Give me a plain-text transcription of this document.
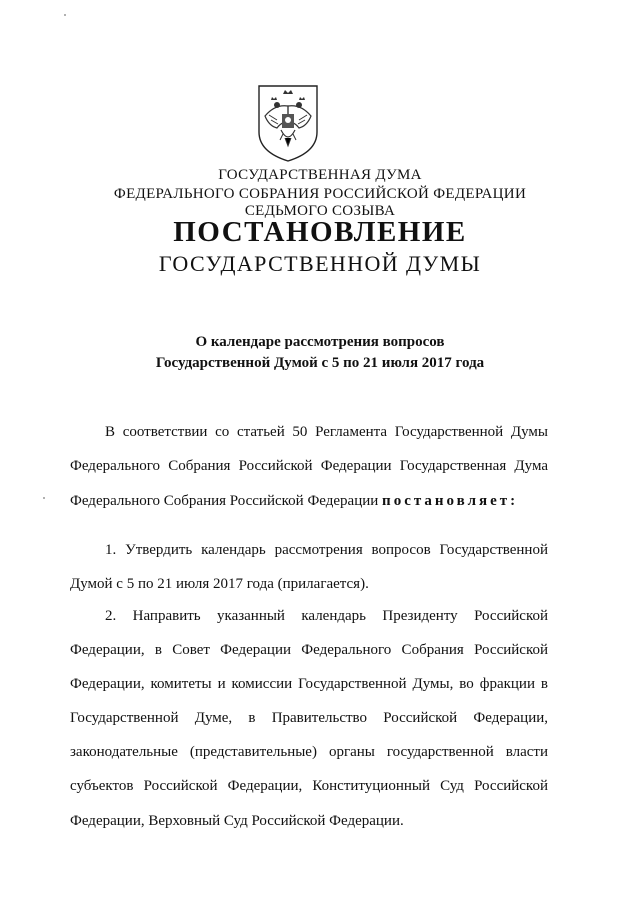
ГОСУДАРСТВЕННАЯ ДУМА
ФЕДЕРАЛЬНОГО СОБРАНИЯ РОССИЙСКОЙ ФЕДЕРАЦИИ
СЕДЬМОГО СОЗЫВА
ПОСТАНОВЛЕНИЕ
ГОСУДАРСТВЕННОЙ ДУМЫ
О календаре рассмотрения вопросов
Государственной Думой с 5 по 21 июля 2017 года
В соответствии со статьей 50 Регламента Государственной Думы
Федерального Собрания Российской Федерации Государственная Дума
Федерального Собрания Российской Федерации постановляет:
1. Утвердить календарь рассмотрения вопросов Государственной
Думой с 5 по 21 июля 2017 года (прилагается).
2. Направить указанный календарь Президенту Российской
Федерации, в Совет Федерации Федерального Собрания Российской
Федерации, комитеты и комиссии Государственной Думы, во фракции в
Государственной Думе, в Правительство Российской Федерации,
законодательные (представительные) органы государственной власти
субъектов Российской Федерации, Конституционный Суд Российской
Федерации, Верховный Суд Российской Федерации.
